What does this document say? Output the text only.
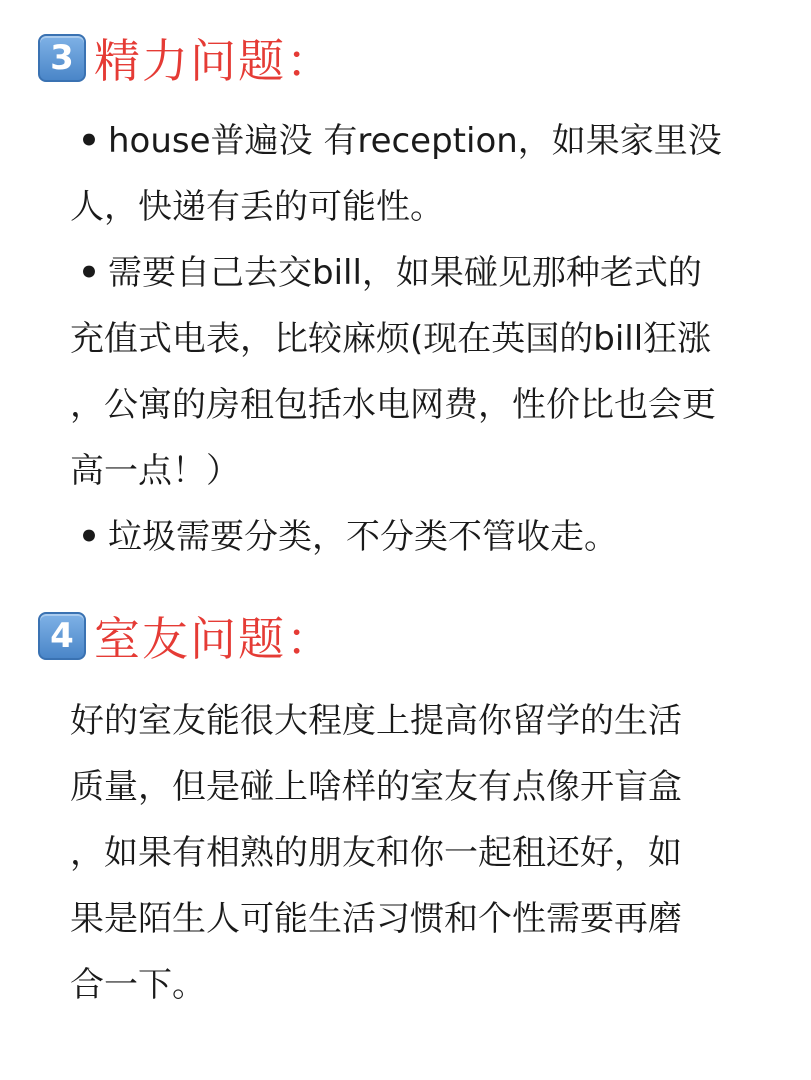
3 精力问题：
• house普遍没 有reception，如果家里没
人，快递有丢的可能性。
• 需要自己去交bill，如果碰见那种老式的
充值式电表，比较麻烦(现在英国的bill狂涨
，公寓的房租包括水电网费，性价比也会更
高一点！）
• 垃圾需要分类，不分类不管收走。
4 室友问题：
好的室友能很大程度上提高你留学的生活
质量，但是碰上啥样的室友有点像开盲盒
，如果有相熟的朋友和你一起租还好，如
果是陌生人可能生活习惯和个性需要再磨
合一下。
